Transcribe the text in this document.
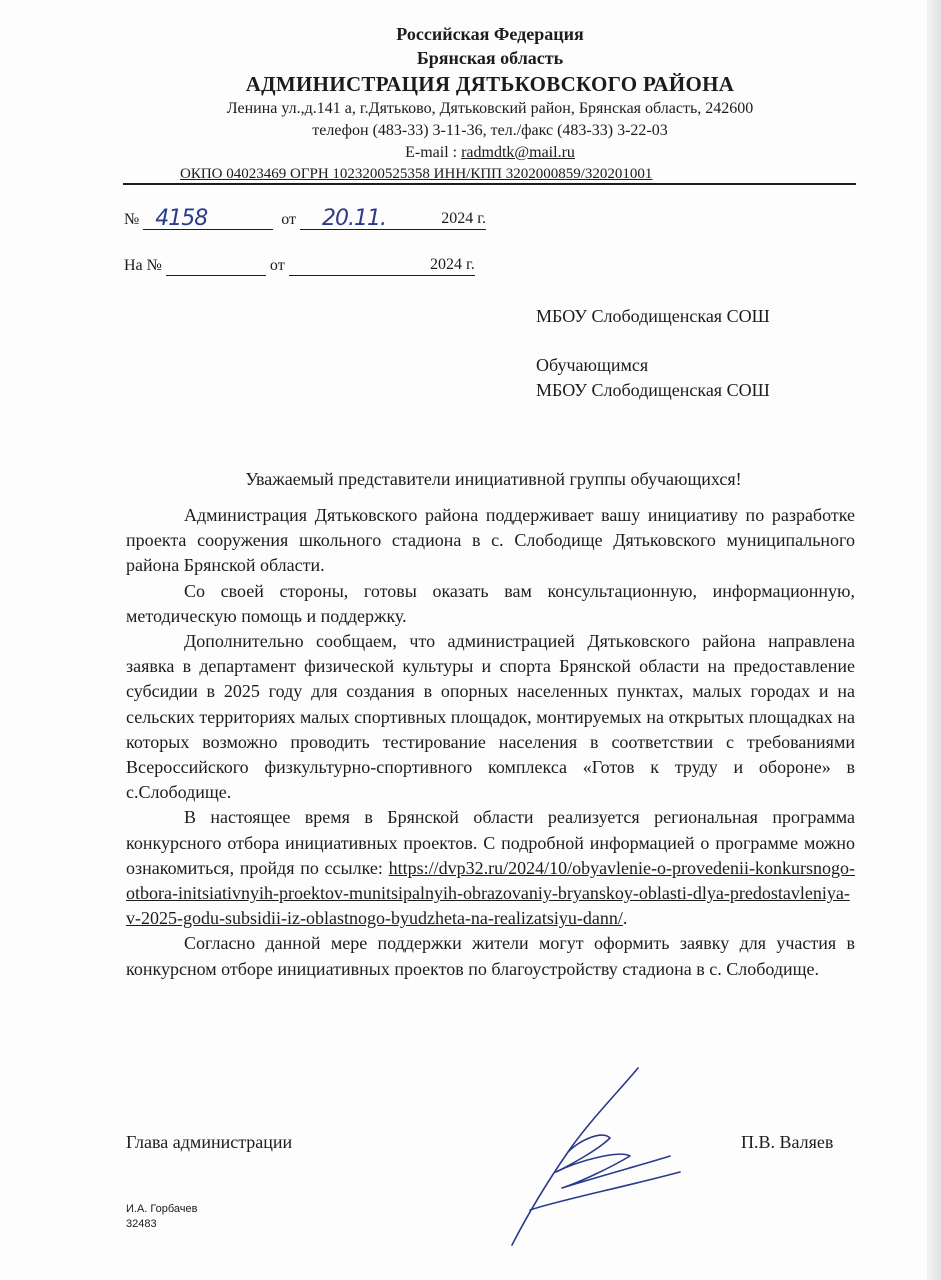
Российская Федерация
Брянская область
АДМИНИСТРАЦИЯ ДЯТЬКОВСКОГО РАЙОНА
Ленина ул.,д.141 а, г.Дятьково, Дятьковский район, Брянская область, 242600
телефон (483-33) 3-11-36, тел./факс (483-33) 3-22-03
E-mail : radmdtk@mail.ru
ОКПО 04023469 ОГРН 1023200525358 ИНН/КПП 3202000859/320201001
№ 4158	от 20.11.	2024 г.
На №	от	2024 г.
МБОУ Слободищенская СОШ
Обучающимся
МБОУ Слободищенская СОШ
Уважаемый представители инициативной группы обучающихся!

Администрация Дятьковского района поддерживает вашу инициативу по разработке проекта сооружения школьного стадиона в с. Слободище Дятьковского муниципального района Брянской области.

Со своей стороны, готовы оказать вам консультационную, информационную, методическую помощь и поддержку.

Дополнительно сообщаем, что администрацией Дятьковского района направлена заявка в департамент физической культуры и спорта Брянской области на предоставление субсидии в 2025 году для создания в опорных населенных пунктах, малых городах и на сельских территориях малых спортивных площадок, монтируемых на открытых площадках на которых возможно проводить тестирование населения в соответствии с требованиями Всероссийского физкультурно-спортивного комплекса «Готов к труду и обороне» в с.Слободище.

В настоящее время в Брянской области реализуется региональная программа конкурсного отбора инициативных проектов. С подробной информацией о программе можно ознакомиться, пройдя по ссылке: https://dvp32.ru/2024/10/obyavlenie-o-provedenii-konkursnogo-otbora-initsiativnyih-proektov-munitsipalnyih-obrazovaniy-bryanskoy-oblasti-dlya-predostavleniya-v-2025-godu-subsidii-iz-oblastnogo-byudzheta-na-realizatsiyu-dann/.

Согласно данной мере поддержки жители могут оформить заявку для участия в конкурсном отборе инициативных проектов по благоустройству стадиона в с. Слободище.

Глава администрации	П.В. Валяев
И.А. Горбачев
32483
